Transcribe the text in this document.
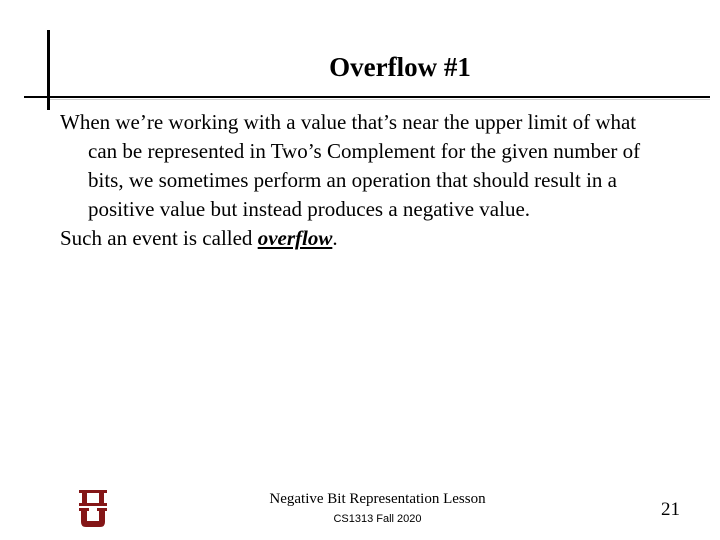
Overflow #1

When we’re working with a value that’s near the upper limit of what can be represented in Two’s Complement for the given number of bits, we sometimes perform an operation that should result in a positive value but instead produces a negative value.

Such an event is called overflow.

Negative Bit Representation Lesson
CS1313 Fall 2020	21
